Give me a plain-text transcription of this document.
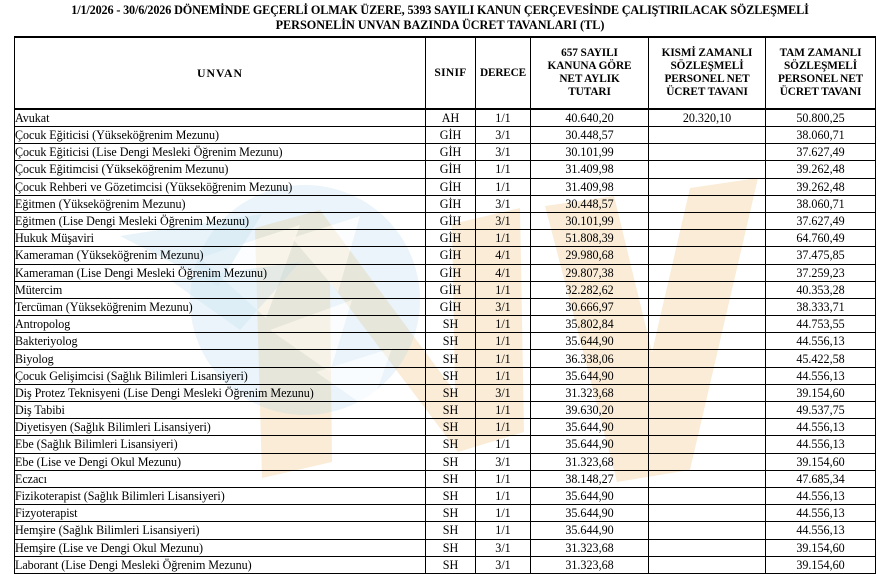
1/1/2026 - 30/6/2026 DÖNEMİNDE GEÇERLİ OLMAK ÜZERE, 5393 SAYILI KANUN ÇERÇEVESİNDE ÇALIŞTIRILACAK SÖZLEŞMELİ
PERSONELİN UNVAN BAZINDA ÜCRET TAVANLARI (TL)
UNVAN	SINIF	DERECE	657 SAYILI
KANUNA GÖRE
NET AYLIK
TUTARI	KISMİ ZAMANLI
SÖZLEŞMELİ
PERSONEL NET
ÜCRET TAVANI	TAM ZAMANLI
SÖZLEŞMELİ
PERSONEL NET
ÜCRET TAVANI
Avukat	AH	1/1	40.640,20	20.320,10	50.800,25
Çocuk Eğiticisi (Yükseköğrenim Mezunu)	GİH	3/1	30.448,57		38.060,71
Çocuk Eğiticisi (Lise Dengi Mesleki Öğrenim Mezunu)	GİH	3/1	30.101,99		37.627,49
Çocuk Eğitimcisi (Yükseköğrenim Mezunu)	GİH	1/1	31.409,98		39.262,48
Çocuk Rehberi ve Gözetimcisi (Yükseköğrenim Mezunu)	GİH	1/1	31.409,98		39.262,48
Eğitmen (Yükseköğrenim Mezunu)	GİH	3/1	30.448,57		38.060,71
Eğitmen (Lise Dengi Mesleki Öğrenim Mezunu)	GİH	3/1	30.101,99		37.627,49
Hukuk Müşaviri	GİH	1/1	51.808,39		64.760,49
Kameraman (Yükseköğrenim Mezunu)	GİH	4/1	29.980,68		37.475,85
Kameraman (Lise Dengi Mesleki Öğrenim Mezunu)	GİH	4/1	29.807,38		37.259,23
Mütercim	GİH	1/1	32.282,62		40.353,28
Tercüman (Yükseköğrenim Mezunu)	GİH	3/1	30.666,97		38.333,71
Antropolog	SH	1/1	35.802,84		44.753,55
Bakteriyolog	SH	1/1	35.644,90		44.556,13
Biyolog	SH	1/1	36.338,06		45.422,58
Çocuk Gelişimcisi (Sağlık Bilimleri Lisansiyeri)	SH	1/1	35.644,90		44.556,13
Diş Protez Teknisyeni (Lise Dengi Mesleki Öğrenim Mezunu)	SH	3/1	31.323,68		39.154,60
Diş Tabibi	SH	1/1	39.630,20		49.537,75
Diyetisyen (Sağlık Bilimleri Lisansiyeri)	SH	1/1	35.644,90		44.556,13
Ebe (Sağlık Bilimleri Lisansiyeri)	SH	1/1	35.644,90		44.556,13
Ebe (Lise ve Dengi Okul Mezunu)	SH	3/1	31.323,68		39.154,60
Eczacı	SH	1/1	38.148,27		47.685,34
Fizikoterapist (Sağlık Bilimleri Lisansiyeri)	SH	1/1	35.644,90		44.556,13
Fizyoterapist	SH	1/1	35.644,90		44.556,13
Hemşire (Sağlık Bilimleri Lisansiyeri)	SH	1/1	35.644,90		44.556,13
Hemşire (Lise ve Dengi Okul Mezunu)	SH	3/1	31.323,68		39.154,60
Laborant (Lise Dengi Mesleki Öğrenim Mezunu)	SH	3/1	31.323,68		39.154,60
